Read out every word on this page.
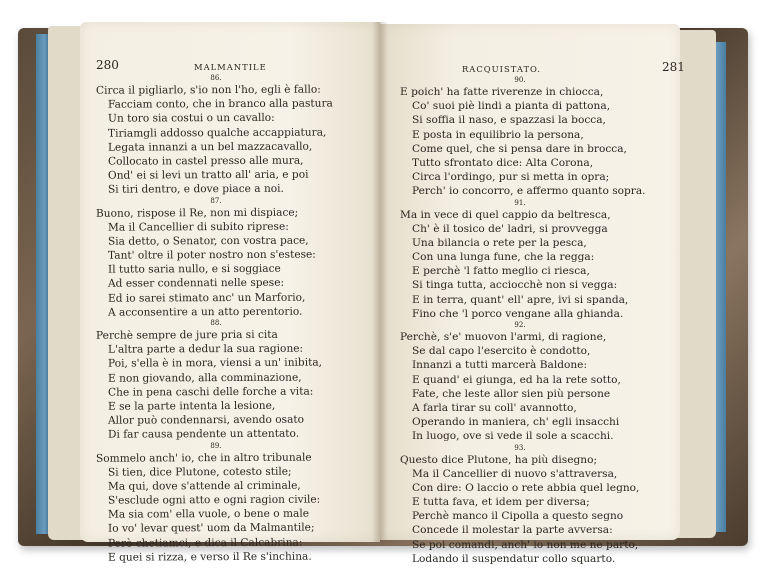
280	MALMANTILE
86.
Circa il pigliarlo, s'io non l'ho, egli è fallo:
Facciam conto, che in branco alla pastura
Un toro sia costui o un cavallo:
Tiriamgli addosso qualche accappiatura,
Legata innanzi a un bel mazzacavallo,
Collocato in castel presso alle mura,
Ond' ei si levi un tratto all' aria, e poi
Si tiri dentro, e dove piace a noi.
87.
Buono, rispose il Re, non mi dispiace;
Ma il Cancellier di subito riprese:
Sia detto, o Senator, con vostra pace,
Tant' oltre il poter nostro non s'estese:
Il tutto saria nullo, e si soggiace
Ad esser condennati nelle spese:
Ed io sarei stimato anc' un Marforio,
A acconsentire a un atto perentorio.
88.
Perchè sempre de jure pria si cita
L'altra parte a dedur la sua ragione:
Poi, s'ella è in mora, viensi a un' inibita,
E non giovando, alla comminazione,
Che in pena caschi delle forche a vita:
E se la parte intenta la lesione,
Allor può condennarsi, avendo osato
Di far causa pendente un attentato.
89.
Sommelo anch' io, che in altro tribunale
Si tien, dice Plutone, cotesto stile;
Ma qui, dove s'attende al criminale,
S'esclude ogni atto e ogni ragion civile:
Ma sia com' ella vuole, o bene o male
Io vo' levar quest' uom da Malmantile;
Però chetiamci, e dica il Calcabrina:
E quei si rizza, e verso il Re s'inchina.
RACQUISTATO.	281
90.
E poich' ha fatte riverenze in chiocca,
Co' suoi piè lindi a pianta di pattona,
Si soffia il naso, e spazzasi la bocca,
E posta in equilibrio la persona,
Come quel, che si pensa dare in brocca,
Tutto sfrontato dice: Alta Corona,
Circa l'ordingo, pur si metta in opra;
Perch' io concorro, e affermo quanto sopra.
91.
Ma in vece di quel cappio da beltresca,
Ch' è il tosico de' ladri, si provvegga
Una bilancia o rete per la pesca,
Con una lunga fune, che la regga:
E perchè 'l fatto meglio ci riesca,
Si tinga tutta, acciocchè non si vegga:
E in terra, quant' ell' apre, ivi si spanda,
Fino che 'l porco vengane alla ghianda.
92.
Perchè, s'e' muovon l'armi, di ragione,
Se dal capo l'esercito è condotto,
Innanzi a tutti marcerà Baldone:
E quand' ei giunga, ed ha la rete sotto,
Fate, che leste allor sien più persone
A farla tirar su coll' avannotto,
Operando in maniera, ch' egli insacchi
In luogo, ove si vede il sole a scacchi.
93.
Questo dice Plutone, ha più disegno;
Ma il Cancellier di nuovo s'attraversa,
Con dire: O laccio o rete abbia quel legno,
E tutta fava, et idem per diversa;
Perchè manco il Cipolla a questo segno
Concede il molestar la parte avversa:
Se poi comandi, anch' io non me ne parto,
Lodando il suspendatur collo squarto.
